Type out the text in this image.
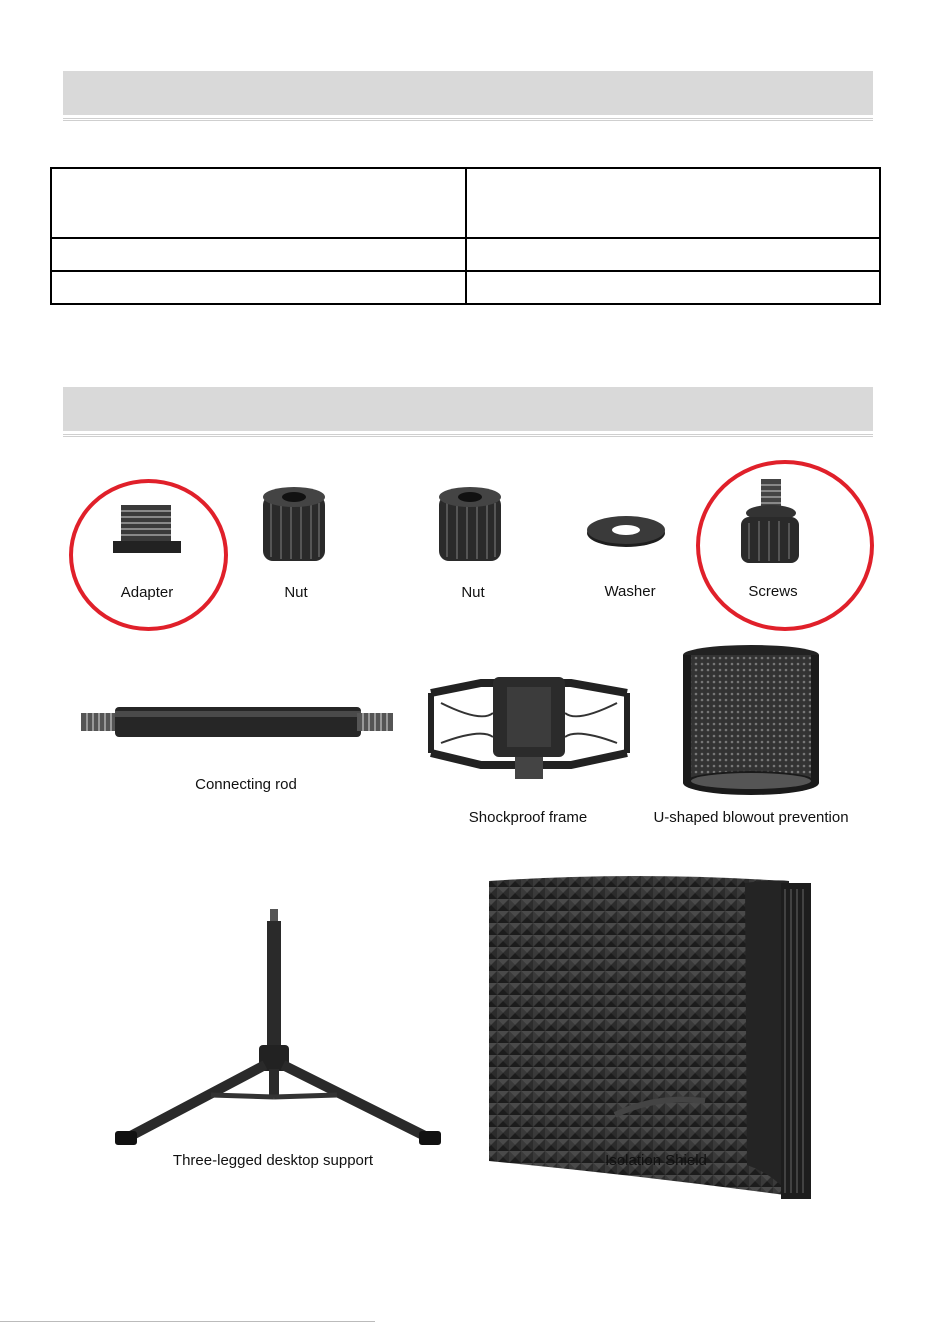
Adapter	Nut	Nut	Washer	Screws
Connecting rod
Shockproof frame	U-shaped blowout prevention
Three-legged desktop support	Isolation Shield
